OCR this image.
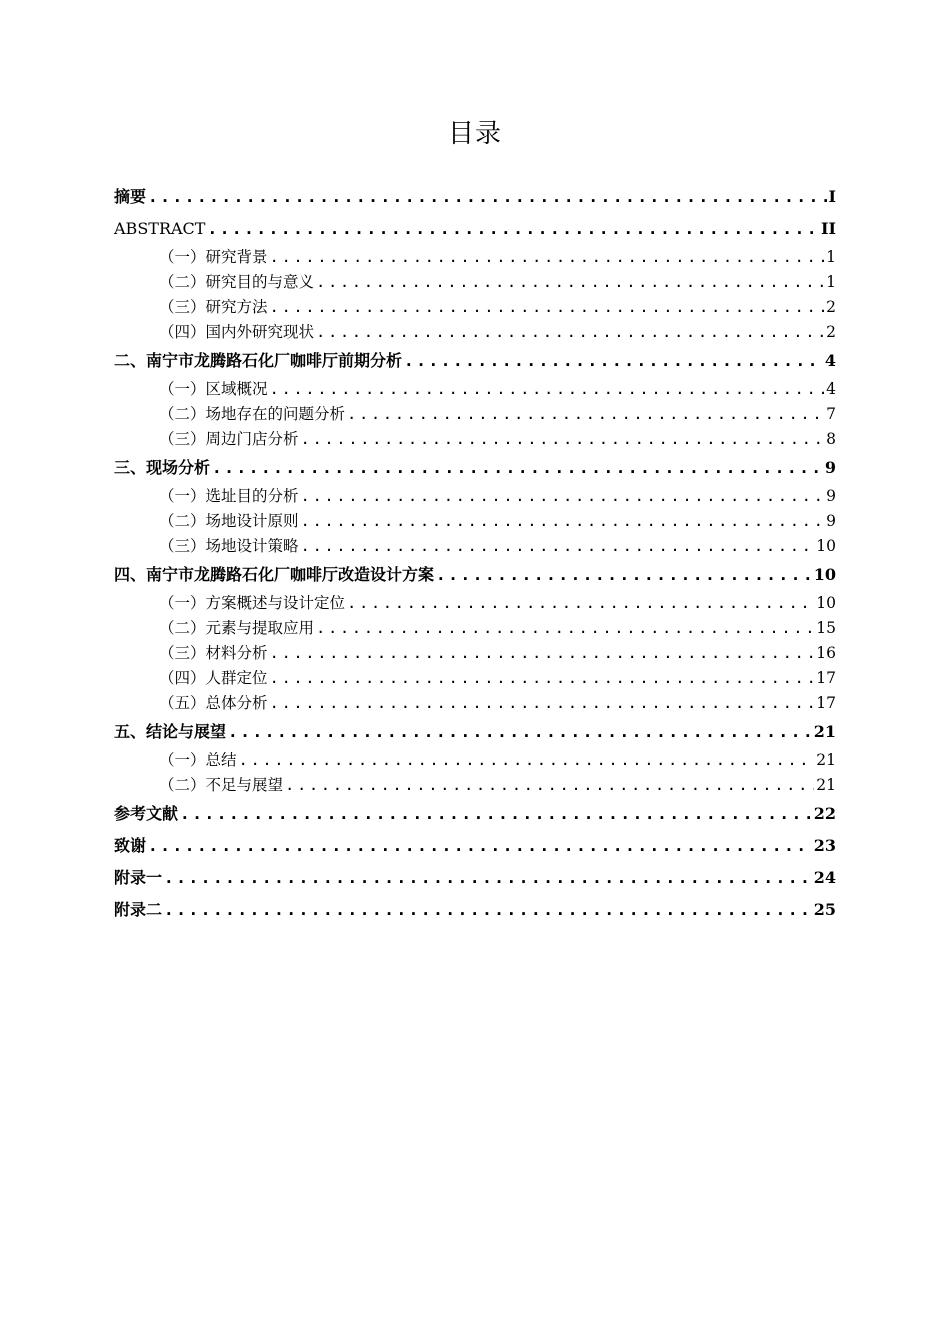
目录
摘要 .....	I
ABSTRACT .....	II
（一）研究背景 .....	1
（二）研究目的与意义 .....	1
（三）研究方法 .....	2
（四）国内外研究现状 .....	2
二、南宁市龙腾路石化厂咖啡厅前期分析 .....	4
（一）区域概况 .....	4
（二）场地存在的问题分析 .....	7
（三）周边门店分析 .....	8
三、现场分析 .....	9
（一）选址目的分析 .....	9
（二）场地设计原则 .....	9
（三）场地设计策略 .....	10
四、南宁市龙腾路石化厂咖啡厅改造设计方案 .....	10
（一）方案概述与设计定位 .....	10
（二）元素与提取应用 .....	15
（三）材料分析 .....	16
（四）人群定位 .....	17
（五）总体分析 .....	17
五、结论与展望 .....	21
（一）总结 .....	21
（二）不足与展望 .....	21
参考文献 .....	22
致谢 .....	23
附录一 .....	24
附录二 .....	25
